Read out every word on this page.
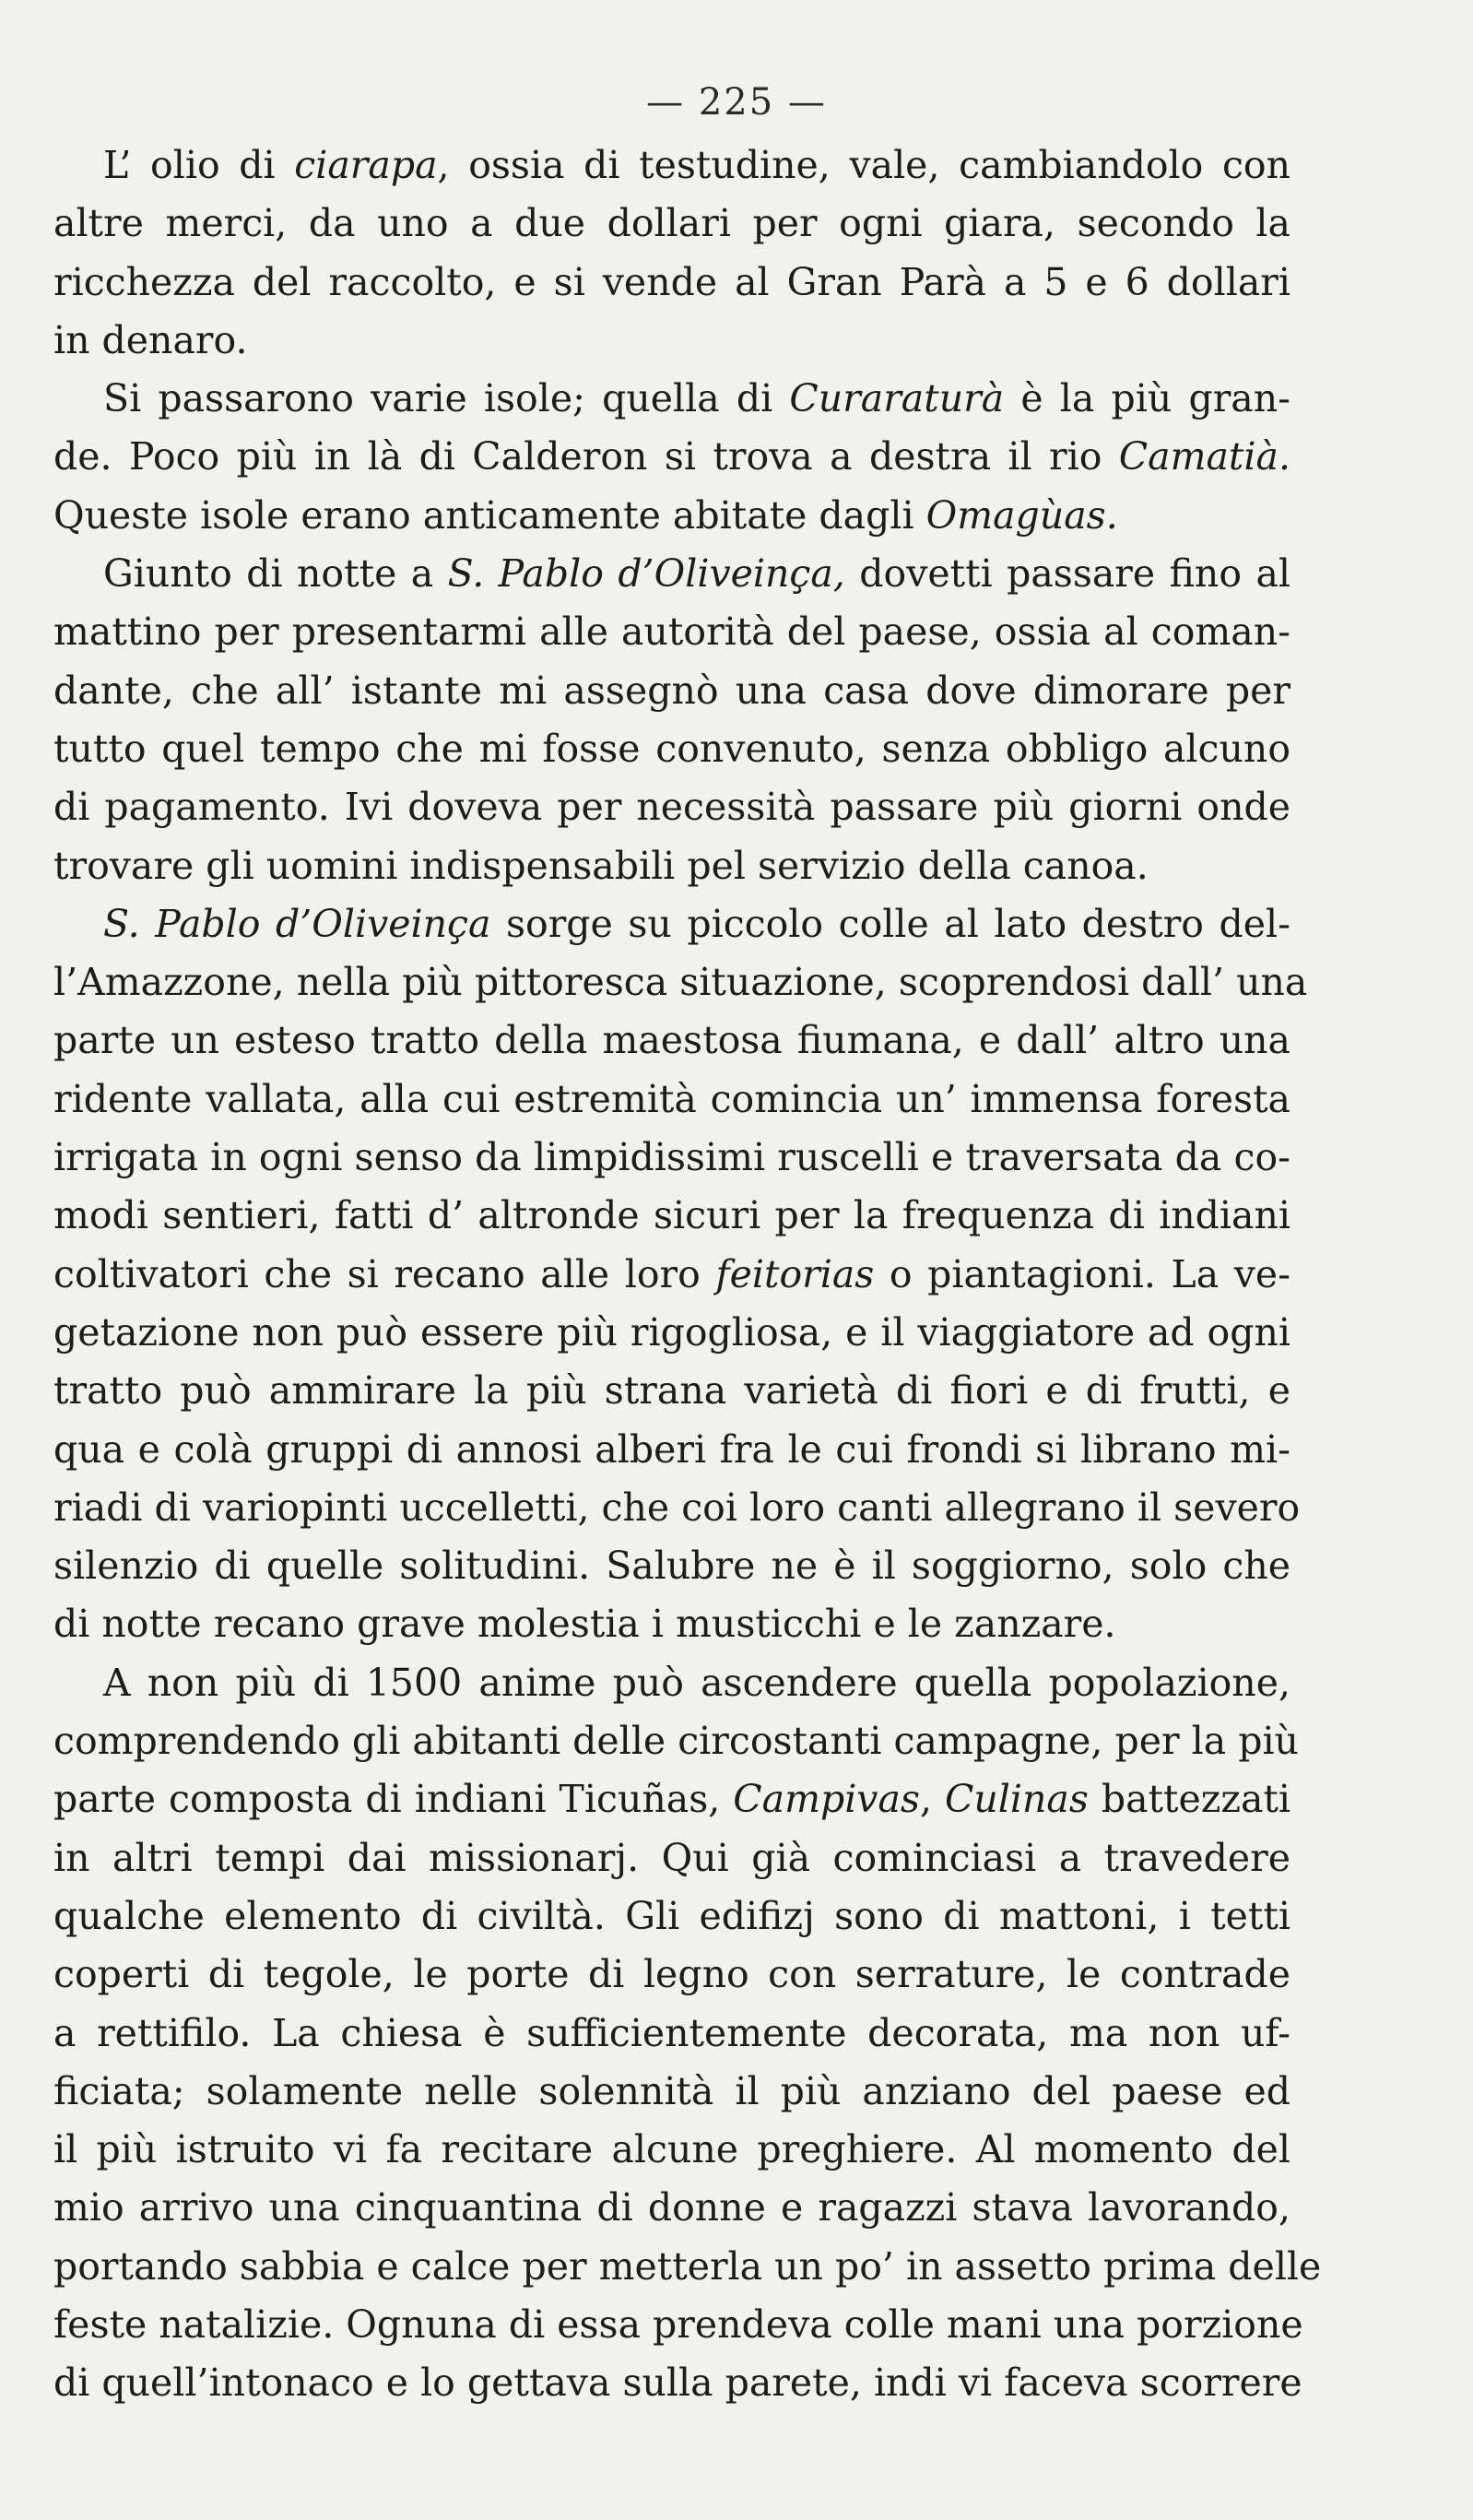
— 225 —
L’ olio di ciarapa, ossia di testudine, vale, cambiandolo con
altre merci, da uno a due dollari per ogni giara, secondo la
ricchezza del raccolto, e si vende al Gran Parà a 5 e 6 dollari
in denaro.
Si passarono varie isole; quella di Curaraturà è la più gran-
de. Poco più in là di Calderon si trova a destra il rio Camatià.
Queste isole erano anticamente abitate dagli Omagùas.
Giunto di notte a S. Pablo d’Oliveinça, dovetti passare fino al
mattino per presentarmi alle autorità del paese, ossia al coman-
dante, che all’ istante mi assegnò una casa dove dimorare per
tutto quel tempo che mi fosse convenuto, senza obbligo alcuno
di pagamento. Ivi doveva per necessità passare più giorni onde
trovare gli uomini indispensabili pel servizio della canoa.
S. Pablo d’Oliveinça sorge su piccolo colle al lato destro del-
l’Amazzone, nella più pittoresca situazione, scoprendosi dall’ una
parte un esteso tratto della maestosa fiumana, e dall’ altro una
ridente vallata, alla cui estremità comincia un’ immensa foresta
irrigata in ogni senso da limpidissimi ruscelli e traversata da co-
modi sentieri, fatti d’ altronde sicuri per la frequenza di indiani
coltivatori che si recano alle loro feitorias o piantagioni. La ve-
getazione non può essere più rigogliosa, e il viaggiatore ad ogni
tratto può ammirare la più strana varietà di fiori e di frutti, e
qua e colà gruppi di annosi alberi fra le cui frondi si librano mi-
riadi di variopinti uccelletti, che coi loro canti allegrano il severo
silenzio di quelle solitudini. Salubre ne è il soggiorno, solo che
di notte recano grave molestia i musticchi e le zanzare.
A non più di 1500 anime può ascendere quella popolazione,
comprendendo gli abitanti delle circostanti campagne, per la più
parte composta di indiani Ticuñas, Campivas, Culinas battezzati
in altri tempi dai missionarj. Qui già cominciasi a travedere
qualche elemento di civiltà. Gli edifizj sono di mattoni, i tetti
coperti di tegole, le porte di legno con serrature, le contrade
a rettifilo. La chiesa è sufficientemente decorata, ma non uf-
ficiata; solamente nelle solennità il più anziano del paese ed
il più istruito vi fa recitare alcune preghiere. Al momento del
mio arrivo una cinquantina di donne e ragazzi stava lavorando,
portando sabbia e calce per metterla un po’ in assetto prima delle
feste natalizie. Ognuna di essa prendeva colle mani una porzione
di quell’intonaco e lo gettava sulla parete, indi vi faceva scorrere
